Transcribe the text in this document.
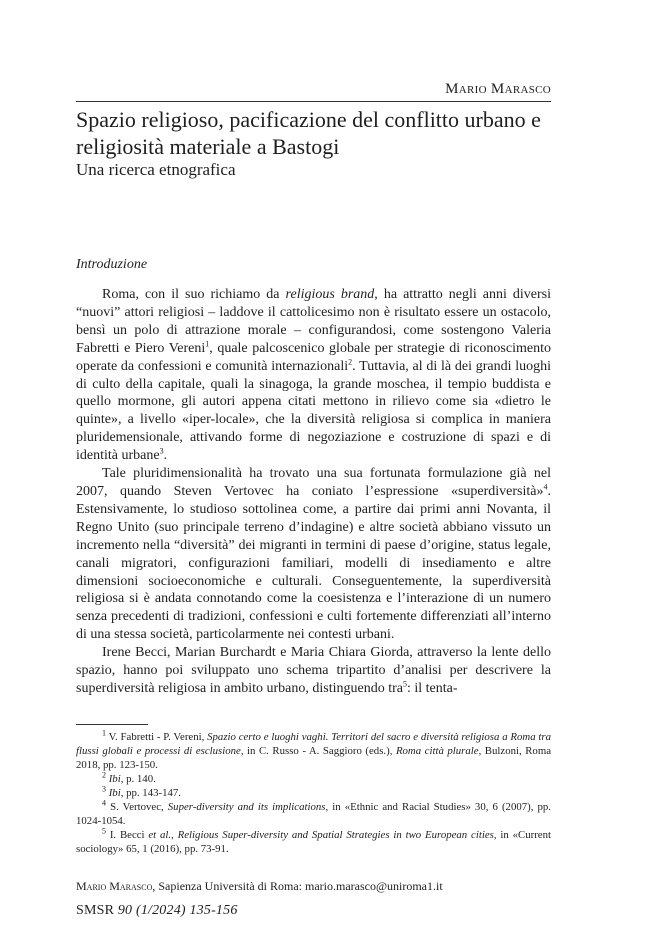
Mario Marasco
Spazio religioso, pacificazione del conflitto urbano e religiosità materiale a Bastogi
Una ricerca etnografica
Introduzione

Roma, con il suo richiamo da religious brand, ha attratto negli anni diversi “nuovi” attori religiosi – laddove il cattolicesimo non è risultato essere un ostacolo, bensì un polo di attrazione morale – configurandosi, come sostengono Valeria Fabretti e Piero Vereni$^1$, quale palcoscenico globale per strategie di riconoscimento operate da confessioni e comunità internazionali$^2$. Tuttavia, al di là dei grandi luoghi di culto della capitale, quali la sinagoga, la grande moschea, il tempio buddista e quello mormone, gli autori appena citati mettono in rilievo come sia «dietro le quinte», a livello «iper-locale», che la diversità religiosa si complica in maniera pluridemensionale, attivando forme di negoziazione e costruzione di spazi e di identità urbane$^3$.

Tale pluridimensionalità ha trovato una sua fortunata formulazione già nel 2007, quando Steven Vertovec ha coniato l’espressione «superdiversità»$^4$. Estensivamente, lo studioso sottolinea come, a partire dai primi anni Novanta, il Regno Unito (suo principale terreno d’indagine) e altre società abbiano vissuto un incremento nella “diversità” dei migranti in termini di paese d’origine, status legale, canali migratori, configurazioni familiari, modelli di insediamento e altre dimensioni socioeconomiche e culturali. Conseguentemente, la superdiversità religiosa si è andata connotando come la coesistenza e l’interazione di un numero senza precedenti di tradizioni, confessioni e culti fortemente differenziati all’interno di una stessa società, particolarmente nei contesti urbani.

Irene Becci, Marian Burchardt e Maria Chiara Giorda, attraverso la lente dello spazio, hanno poi sviluppato uno schema tripartito d’analisi per descrivere la superdiversità religiosa in ambito urbano, distinguendo tra$^5$: il tenta-

$^1$ V. Fabretti - P. Vereni, Spazio certo e luoghi vaghi. Territori del sacro e diversità religiosa a Roma tra flussi globali e processi di esclusione, in C. Russo - A. Saggioro (eds.), Roma città plurale, Bulzoni, Roma 2018, pp. 123-150.

$^2$ Ibi, p. 140.

$^3$ Ibi, pp. 143-147.

$^4$ S. Vertovec, Super-diversity and its implications, in «Ethnic and Racial Studies» 30, 6 (2007), pp. 1024-1054.

$^5$ I. Becci et al., Religious Super-diversity and Spatial Strategies in two European cities, in «Current sociology» 65, 1 (2016), pp. 73-91.

Mario Marasco, Sapienza Università di Roma: mario.marasco@uniroma1.it
SMSR 90 (1/2024) 135-156
